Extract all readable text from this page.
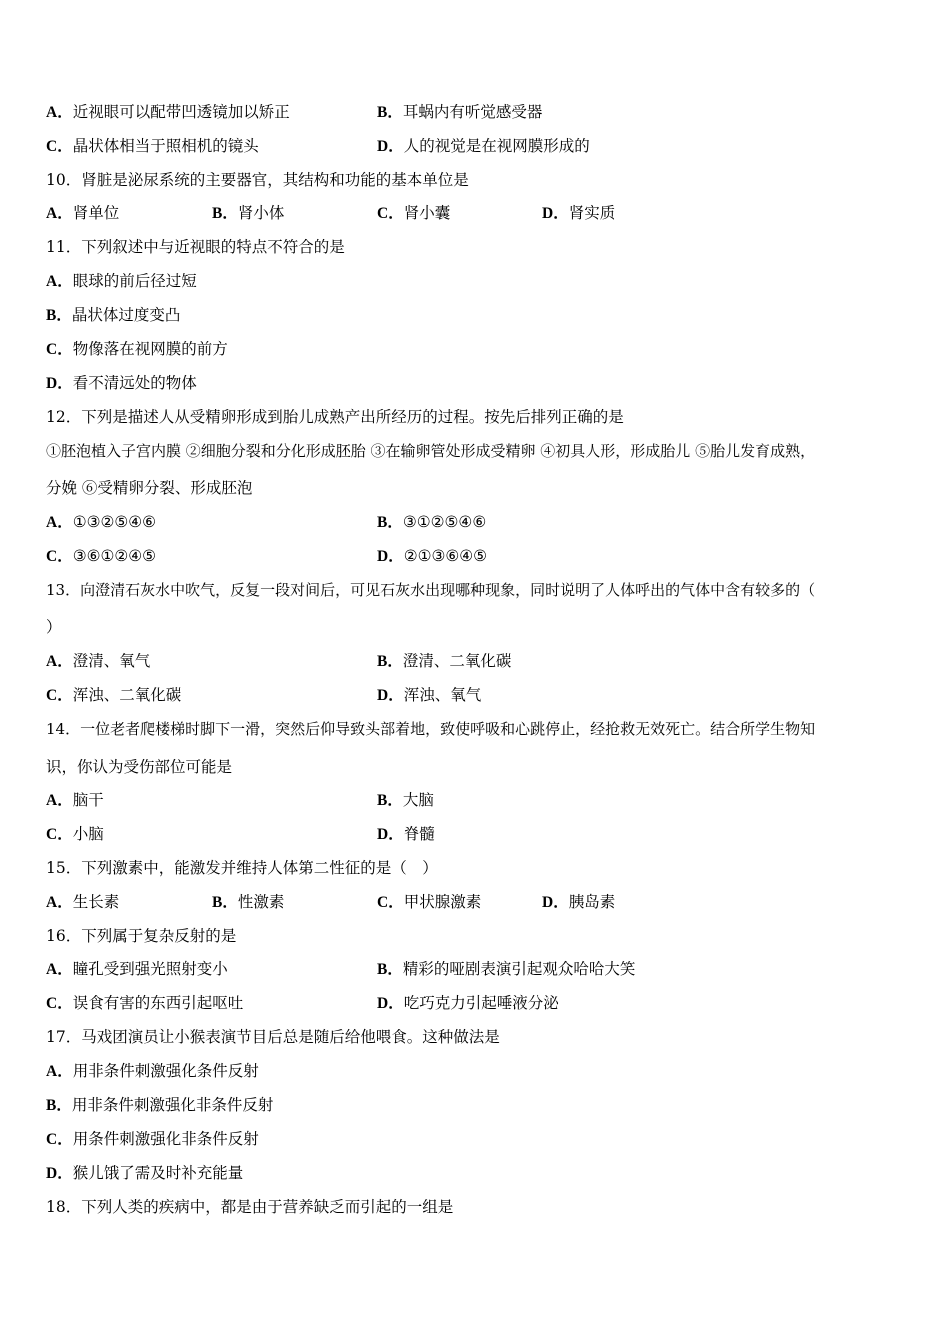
A．近视眼可以配带凹透镜加以矫正	B．耳蜗内有听觉感受器
C．晶状体相当于照相机的镜头	D．人的视觉是在视网膜形成的
10．肾脏是泌尿系统的主要器官，其结构和功能的基本单位是
A．肾单位	B．肾小体	C．肾小囊	D．肾实质
11．下列叙述中与近视眼的特点不符合的是
A．眼球的前后径过短
B．晶状体过度变凸
C．物像落在视网膜的前方
D．看不清远处的物体
12．下列是描述人从受精卵形成到胎儿成熟产出所经历的过程。按先后排列正确的是
①胚泡植入子宫内膜 ②细胞分裂和分化形成胚胎 ③在输卵管处形成受精卵 ④初具人形，形成胎儿 ⑤胎儿发育成熟，
分娩 ⑥受精卵分裂、形成胚泡
A．①③②⑤④⑥	B．③①②⑤④⑥
C．③⑥①②④⑤	D．②①③⑥④⑤
13．向澄清石灰水中吹气，反复一段对间后，可见石灰水出现哪种现象，同时说明了人体呼出的气体中含有较多的（
）
A．澄清、氧气	B．澄清、二氧化碳
C．浑浊、二氧化碳	D．浑浊、氧气
14．一位老者爬楼梯时脚下一滑，突然后仰导致头部着地，致使呼吸和心跳停止，经抢救无效死亡。结合所学生物知
识，你认为受伤部位可能是
A．脑干	B．大脑
C．小脑	D．脊髓
15．下列激素中，能激发并维持人体第二性征的是（　）
A．生长素	B．性激素	C．甲状腺激素	D．胰岛素
16．下列属于复杂反射的是
A．瞳孔受到强光照射变小	B．精彩的哑剧表演引起观众哈哈大笑
C．误食有害的东西引起呕吐	D．吃巧克力引起唾液分泌
17．马戏团演员让小猴表演节目后总是随后给他喂食。这种做法是
A．用非条件刺激强化条件反射
B．用非条件刺激强化非条件反射
C．用条件刺激强化非条件反射
D．猴儿饿了需及时补充能量
18．下列人类的疾病中，都是由于营养缺乏而引起的一组是
